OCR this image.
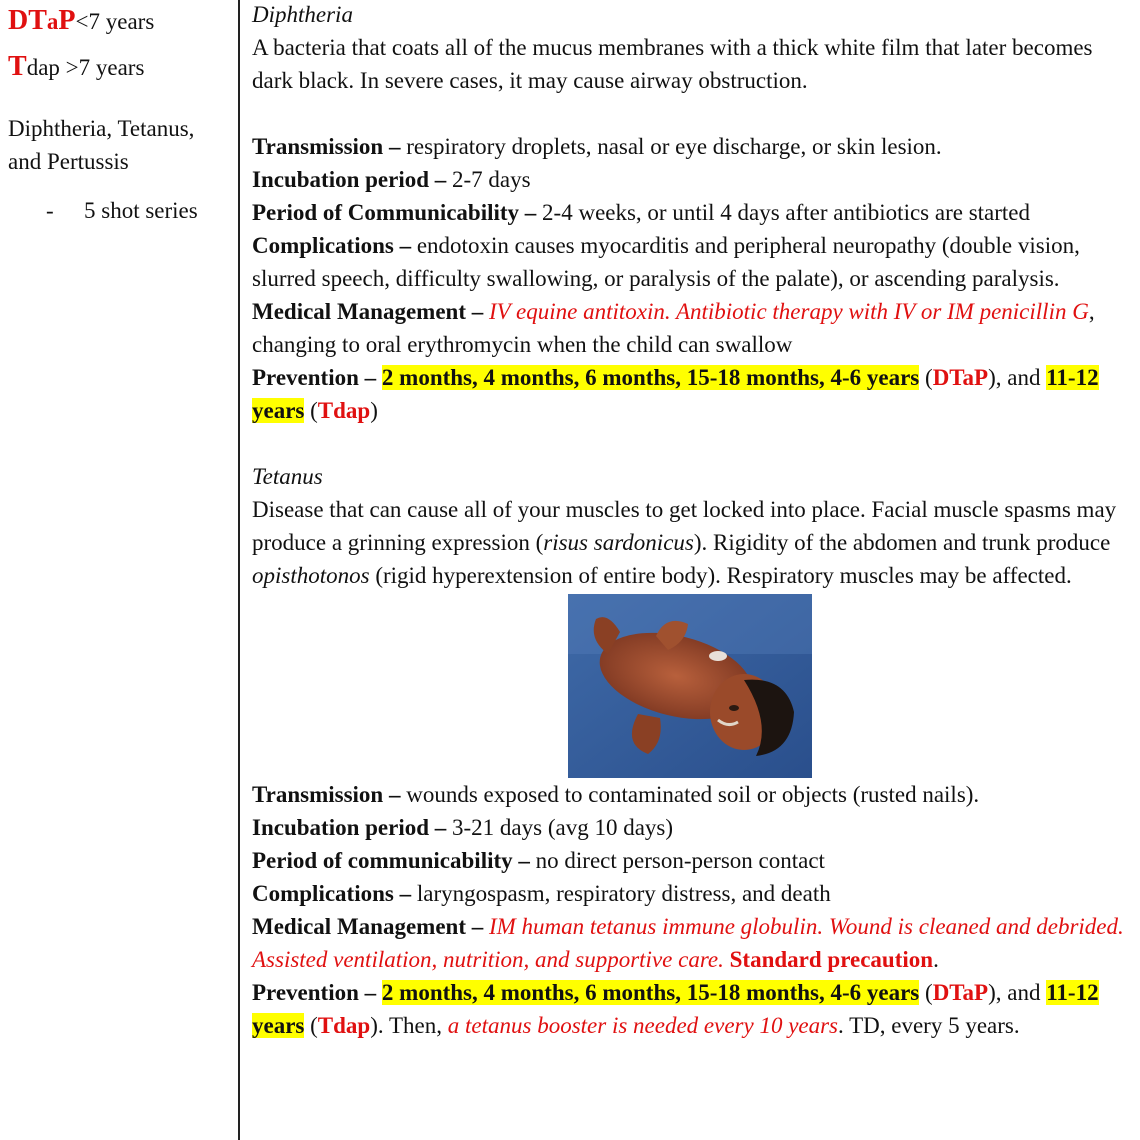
DTaP<7 years
Tdap >7 years
Diphtheria, Tetanus, and Pertussis
- 5 shot series
Diphtheria
A bacteria that coats all of the mucus membranes with a thick white film that later becomes dark black. In severe cases, it may cause airway obstruction.
Transmission – respiratory droplets, nasal or eye discharge, or skin lesion.
Incubation period – 2-7 days
Period of Communicability – 2-4 weeks, or until 4 days after antibiotics are started
Complications – endotoxin causes myocarditis and peripheral neuropathy (double vision, slurred speech, difficulty swallowing, or paralysis of the palate), or ascending paralysis.
Medical Management – IV equine antitoxin. Antibiotic therapy with IV or IM penicillin G, changing to oral erythromycin when the child can swallow
Prevention – 2 months, 4 months, 6 months, 15-18 months, 4-6 years (DTaP), and 11-12 years (Tdap)
Tetanus
Disease that can cause all of your muscles to get locked into place. Facial muscle spasms may produce a grinning expression (risus sardonicus). Rigidity of the abdomen and trunk produce opisthotonos (rigid hyperextension of entire body). Respiratory muscles may be affected.
Transmission – wounds exposed to contaminated soil or objects (rusted nails).
Incubation period – 3-21 days (avg 10 days)
Period of communicability – no direct person-person contact
Complications – laryngospasm, respiratory distress, and death
Medical Management – IM human tetanus immune globulin. Wound is cleaned and debrided. Assisted ventilation, nutrition, and supportive care. Standard precaution.
Prevention – 2 months, 4 months, 6 months, 15-18 months, 4-6 years (DTaP), and 11-12 years (Tdap). Then, a tetanus booster is needed every 10 years. TD, every 5 years.
